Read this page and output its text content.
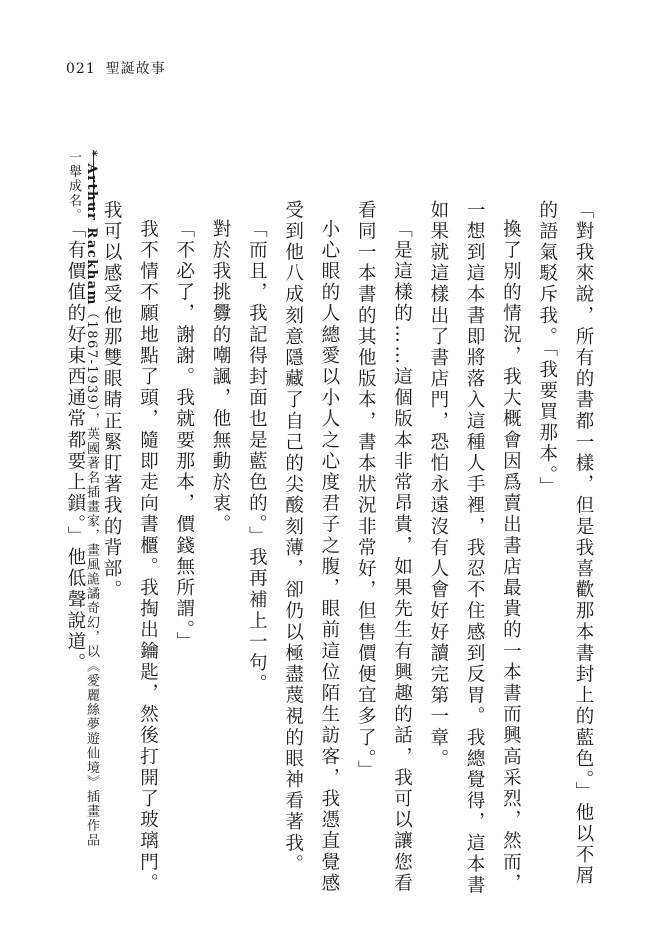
021 聖誕故事

「對我來說，所有的書都一樣，但是我喜歡那本書封上的藍色。」他以不屑的語氣駁斥我。「我要買那本。」

換了別的情況，我大概會因爲賣出書店最貴的一本書而興高采烈，然而，一想到這本書即將落入這種人手裡，我忍不住感到反胃。我總覺得，這本書如果就這樣出了書店門，恐怕永遠沒有人會好好讀完第一章。

「是這樣的……這個版本非常昂貴，如果先生有興趣的話，我可以讓您看看同一本書的其他版本，書本狀況非常好，但售價便宜多了。」

小心眼的人總愛以小人之心度君子之腹，眼前這位陌生訪客，我憑直覺感受到他八成刻意隱藏了自己的尖酸刻薄，卻仍以極盡蔑視的眼神看著我。

「而且，我記得封面也是藍色的。」我再補上一句。

對於我挑釁的嘲諷，他無動於衷。

「不必了，謝謝。我就要那本，價錢無所謂。」

我不情不願地點了頭，隨即走向書櫃。我掏出鑰匙，然後打開了玻璃門。我可以感受他那雙眼睛正緊盯著我的背部。

「有價值的好東西通常都要上鎖。」他低聲說道。

* Arthur Rackham（1867-1939），英國著名插畫家，畫風詭譎奇幻，以《愛麗絲夢遊仙境》插畫作品一舉成名。
